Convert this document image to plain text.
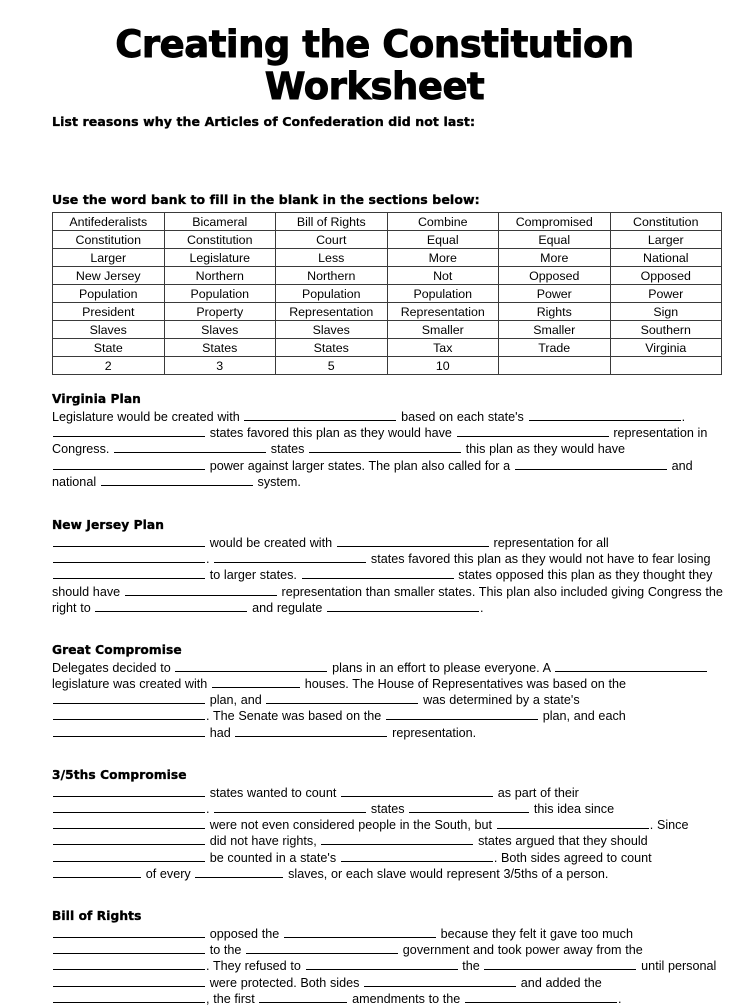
Creating the Constitution Worksheet
List reasons why the Articles of Confederation did not last:
Use the word bank to fill in the blank in the sections below:
Antifederalists	Bicameral	Bill of Rights	Combine	Compromised	Constitution
Constitution	Constitution	Court	Equal	Equal	Larger
Larger	Legislature	Less	More	More	National
New Jersey	Northern	Northern	Not	Opposed	Opposed
Population	Population	Population	Population	Power	Power
President	Property	Representation	Representation	Rights	Sign
Slaves	Slaves	Slaves	Smaller	Smaller	Southern
State	States	States	Tax	Trade	Virginia
2	3	5	10		
Virginia Plan
Legislature would be created with	based on each state's	.
states favored this plan as they would have	representation in
Congress.	states	this plan as they would have
power against larger states. The plan also called for a	and
national	system.
New Jersey Plan
would be created with	representation for all
.	states favored this plan as they would not have to fear losing
to larger states.	states opposed this plan as they thought they
should have	representation than smaller states. This plan also included giving Congress the
right to	and regulate	.
Great Compromise
Delegates decided to	plans in an effort to please everyone. A
legislature was created with	houses. The House of Representatives was based on the
plan, and	was determined by a state's
. The Senate was based on the	plan, and each
had	representation.
3/5ths Compromise
states wanted to count	as part of their
.	states	this idea since
were not even considered people in the South, but	. Since
did not have rights,	states argued that they should
be counted in a state's	. Both sides agreed to count
of every	slaves, or each slave would represent 3/5ths of a person.
Bill of Rights
opposed the	because they felt it gave too much
to the	government and took power away from the
. They refused to	the	until personal
were protected. Both sides	and added the
, the first	amendments to the	.
